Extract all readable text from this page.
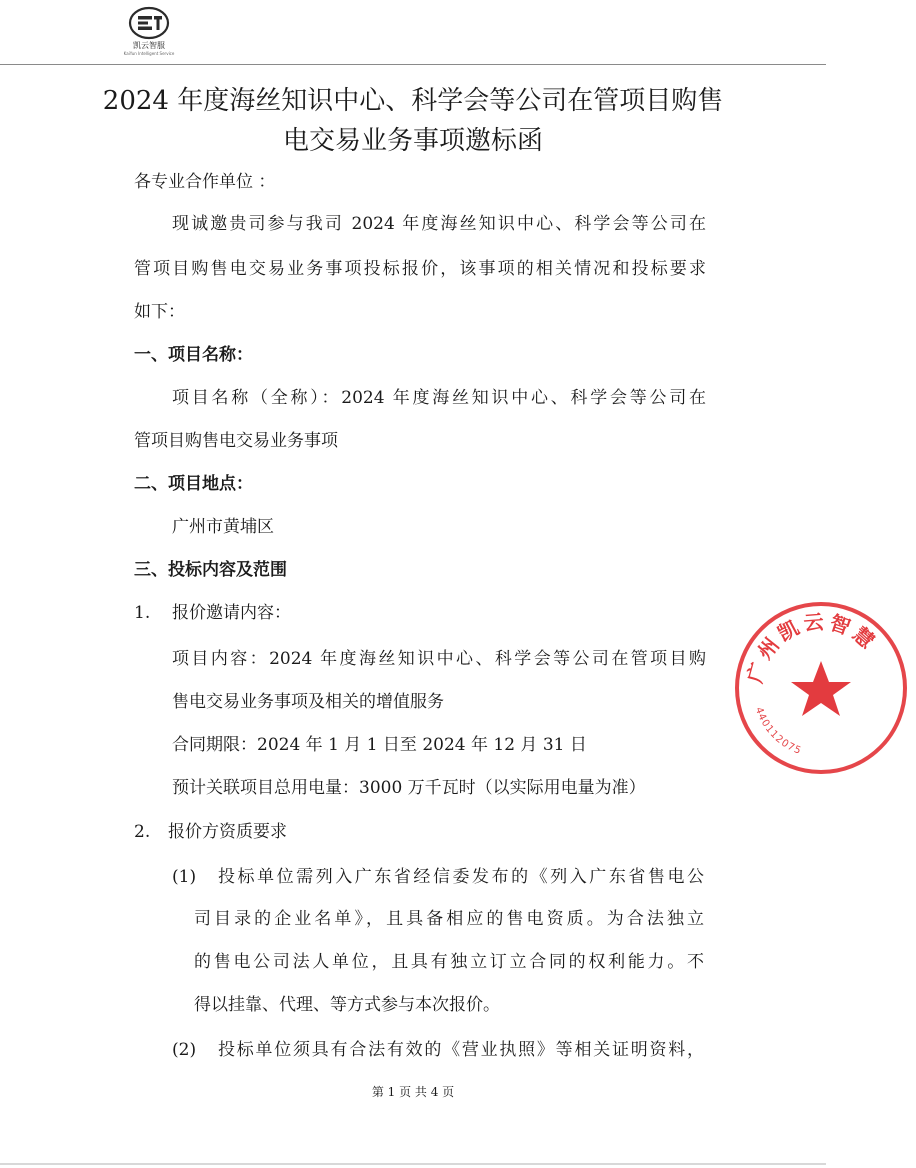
凯云智服
KaiYun Intelligent Service
2024 年度海丝知识中心、科学会等公司在管项目购售
电交易业务事项邀标函
各专业合作单位 ：
现诚邀贵司参与我司 2024 年度海丝知识中心、科学会等公司在
管项目购售电交易业务事项投标报价，该事项的相关情况和投标要求
如下：
一、项目名称：
项目名称（全称）：2024 年度海丝知识中心、科学会等公司在
管项目购售电交易业务事项
二、项目地点：
广州市黄埔区
三、投标内容及范围
1. 报价邀请内容：
项目内容：2024 年度海丝知识中心、科学会等公司在管项目购
售电交易业务事项及相关的增值服务
合同期限：2024 年 1 月 1 日至 2024 年 12 月 31 日
预计关联项目总用电量：3000 万千瓦时（以实际用电量为准）
2. 报价方资质要求
(1) 投标单位需列入广东省经信委发布的《列入广东省售电公
司目录的企业名单》，且具备相应的售电资质。为合法独立
的售电公司法人单位，且具有独立订立合同的权利能力。不
得以挂靠、代理、等方式参与本次报价。
(2) 投标单位须具有合法有效的《营业执照》等相关证明资料，
第 1 页 共 4 页
广州凯云智慧
440112075
